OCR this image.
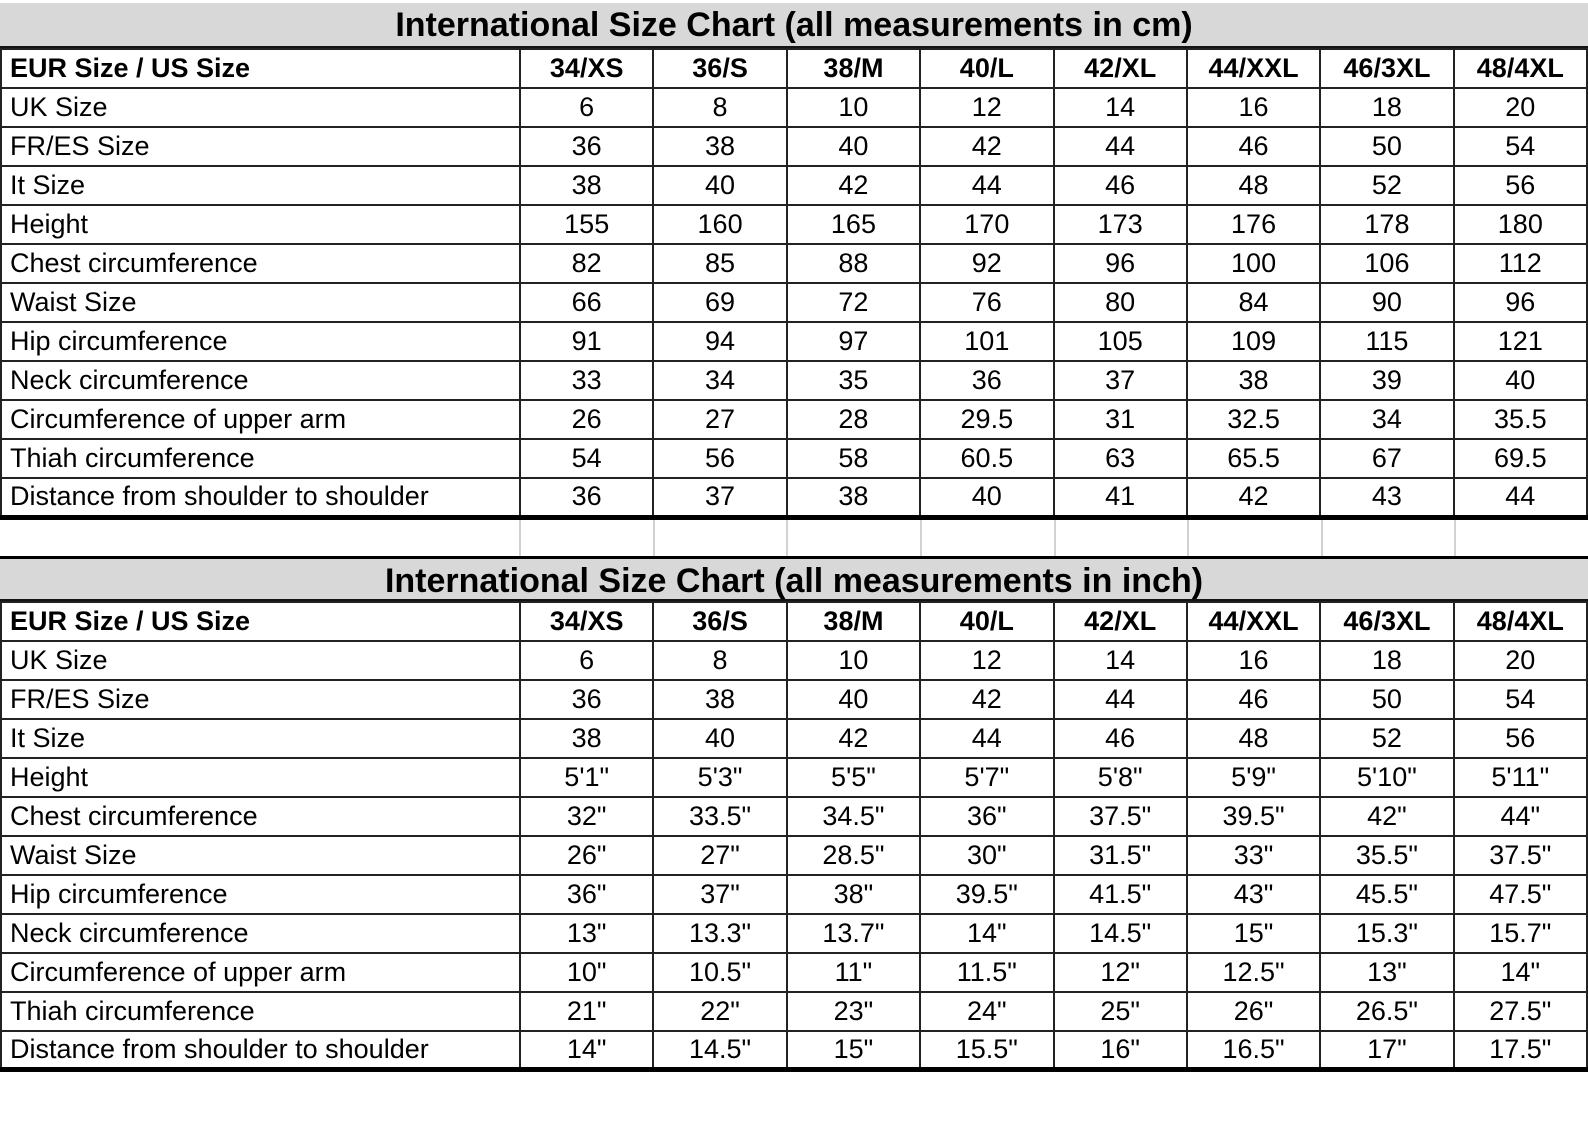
International Size Chart (all measurements in cm)
EUR Size / US Size	34/XS	36/S	38/M	40/L	42/XL	44/XXL	46/3XL	48/4XL
UK Size	6	8	10	12	14	16	18	20
FR/ES Size	36	38	40	42	44	46	50	54
It Size	38	40	42	44	46	48	52	56
Height	155	160	165	170	173	176	178	180
Chest circumference	82	85	88	92	96	100	106	112
Waist Size	66	69	72	76	80	84	90	96
Hip circumference	91	94	97	101	105	109	115	121
Neck circumference	33	34	35	36	37	38	39	40
Circumference of upper arm	26	27	28	29.5	31	32.5	34	35.5
Thiah circumference	54	56	58	60.5	63	65.5	67	69.5
Distance from shoulder to shoulder	36	37	38	40	41	42	43	44
International Size Chart (all measurements in inch)
EUR Size / US Size	34/XS	36/S	38/M	40/L	42/XL	44/XXL	46/3XL	48/4XL
UK Size	6	8	10	12	14	16	18	20
FR/ES Size	36	38	40	42	44	46	50	54
It Size	38	40	42	44	46	48	52	56
Height	5'1"	5'3"	5'5"	5'7"	5'8"	5'9"	5'10"	5'11"
Chest circumference	32"	33.5"	34.5"	36"	37.5"	39.5"	42"	44"
Waist Size	26"	27"	28.5"	30"	31.5"	33"	35.5"	37.5"
Hip circumference	36"	37"	38"	39.5"	41.5"	43"	45.5"	47.5"
Neck circumference	13"	13.3"	13.7"	14"	14.5"	15"	15.3"	15.7"
Circumference of upper arm	10"	10.5"	11"	11.5"	12"	12.5"	13"	14"
Thiah circumference	21"	22"	23"	24"	25"	26"	26.5"	27.5"
Distance from shoulder to shoulder	14"	14.5"	15"	15.5"	16"	16.5"	17"	17.5"
